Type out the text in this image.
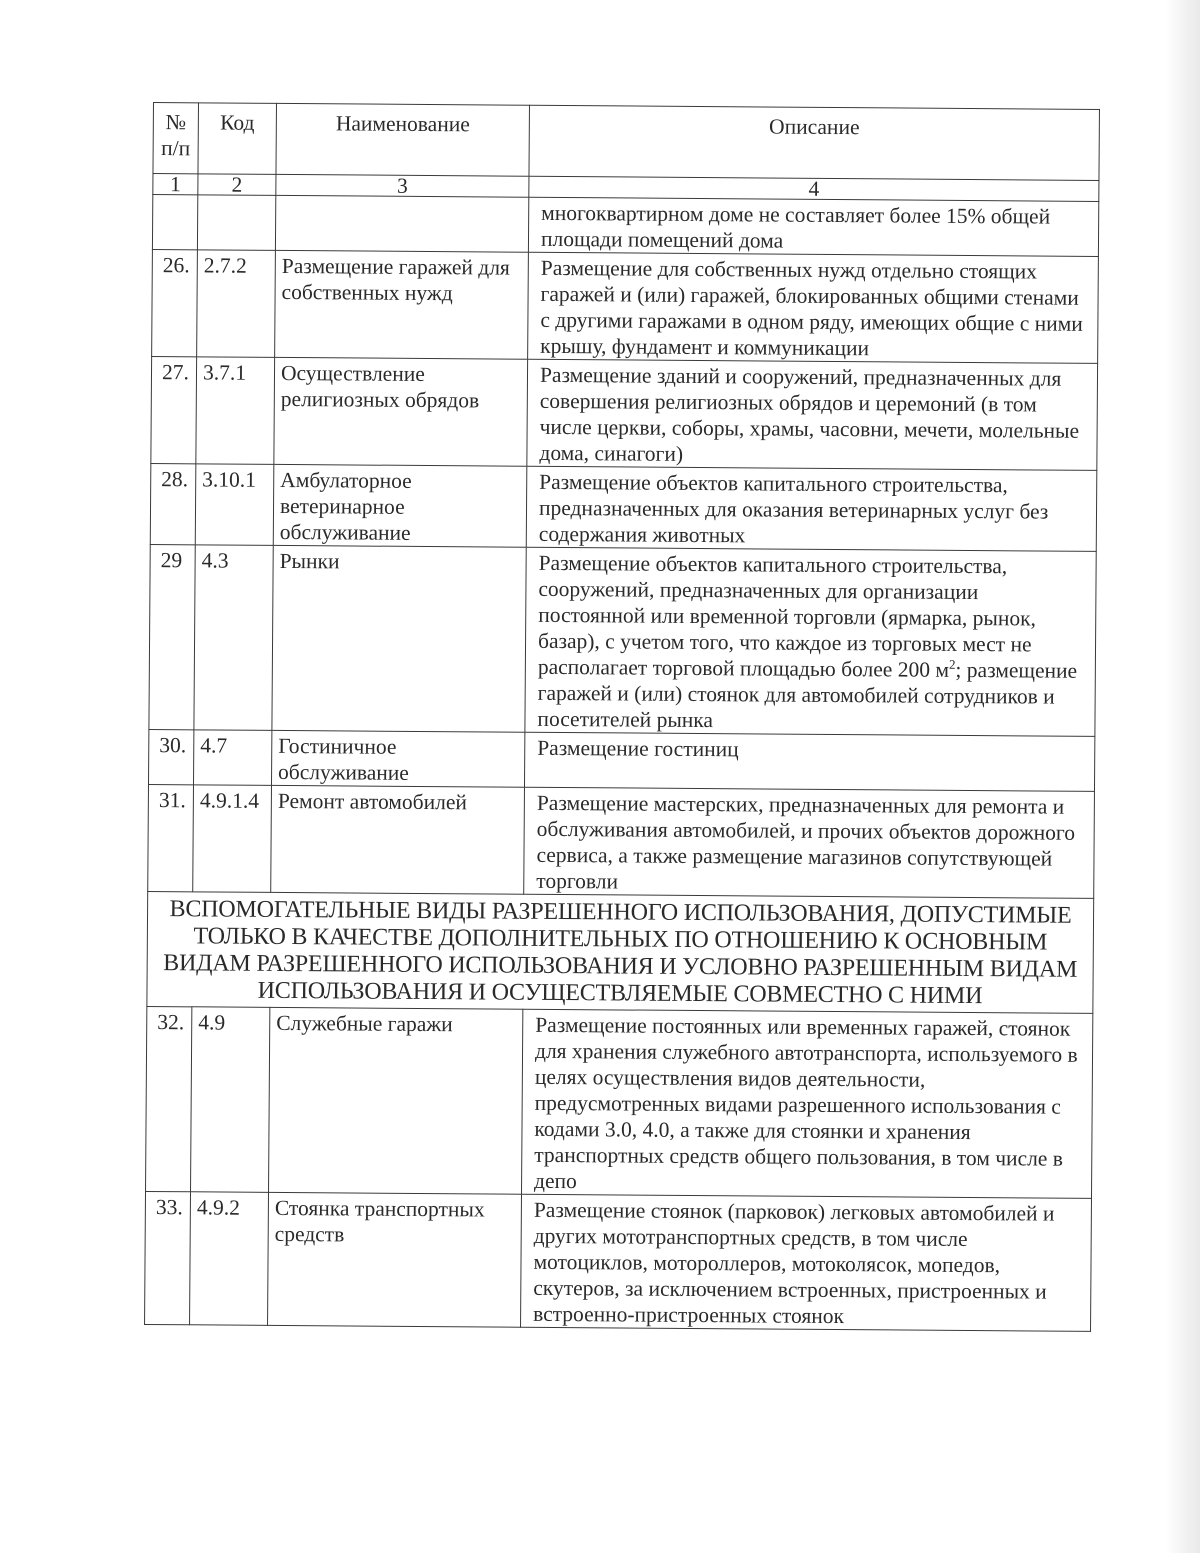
№ п/п	Код	Наименование	Описание
1	2	3	4

			многоквартирном доме не составляет более 15% общей площади помещений дома
26.	2.7.2	Размещение гаражей для собственных нужд	Размещение для собственных нужд отдельно стоящих гаражей и (или) гаражей, блокированных общими стенами с другими гаражами в одном ряду, имеющих общие с ними крышу, фундамент и коммуникации
27.	3.7.1	Осуществление религиозных обрядов	Размещение зданий и сооружений, предназначенных для совершения религиозных обрядов и церемоний (в том числе церкви, соборы, храмы, часовни, мечети, молельные дома, синагоги)
28.	3.10.1	Амбулаторное ветеринарное обслуживание	Размещение объектов капитального строительства, предназначенных для оказания ветеринарных услуг без содержания животных
29	4.3	Рынки	Размещение объектов капитального строительства, сооружений, предназначенных для организации постоянной или временной торговли (ярмарка, рынок, базар), с учетом того, что каждое из торговых мест не располагает торговой площадью более 200 $м^2$; размещение гаражей и (или) стоянок для автомобилей сотрудников и посетителей рынка
30.	4.7	Гостиничное обслуживание	Размещение гостиниц
31.	4.9.1.4	Ремонт автомобилей	Размещение мастерских, предназначенных для ремонта и обслуживания автомобилей, и прочих объектов дорожного сервиса, а также размещение магазинов сопутствующей торговли
ВСПОМОГАТЕЛЬНЫЕ ВИДЫ РАЗРЕШЕННОГО ИСПОЛЬЗОВАНИЯ, ДОПУСТИМЫЕ ТОЛЬКО В КАЧЕСТВЕ ДОПОЛНИТЕЛЬНЫХ ПО ОТНОШЕНИЮ К ОСНОВНЫМ ВИДАМ РАЗРЕШЕННОГО ИСПОЛЬЗОВАНИЯ И УСЛОВНО РАЗРЕШЕННЫМ ВИДАМ ИСПОЛЬЗОВАНИЯ И ОСУЩЕСТВЛЯЕМЫЕ СОВМЕСТНО С НИМИ			
32.	4.9	Служебные гаражи	Размещение постоянных или временных гаражей, стоянок для хранения служебного автотранспорта, используемого в целях осуществления видов деятельности, предусмотренных видами разрешенного использования с кодами 3.0, 4.0, а также для стоянки и хранения транспортных средств общего пользования, в том числе в депо
33.	4.9.2	Стоянка транспортных средств	Размещение стоянок (парковок) легковых автомобилей и других мототранспортных средств, в том числе мотоциклов, мотороллеров, мотоколясок, мопедов, скутеров, за исключением встроенных, пристроенных и встроенно-пристроенных стоянок
